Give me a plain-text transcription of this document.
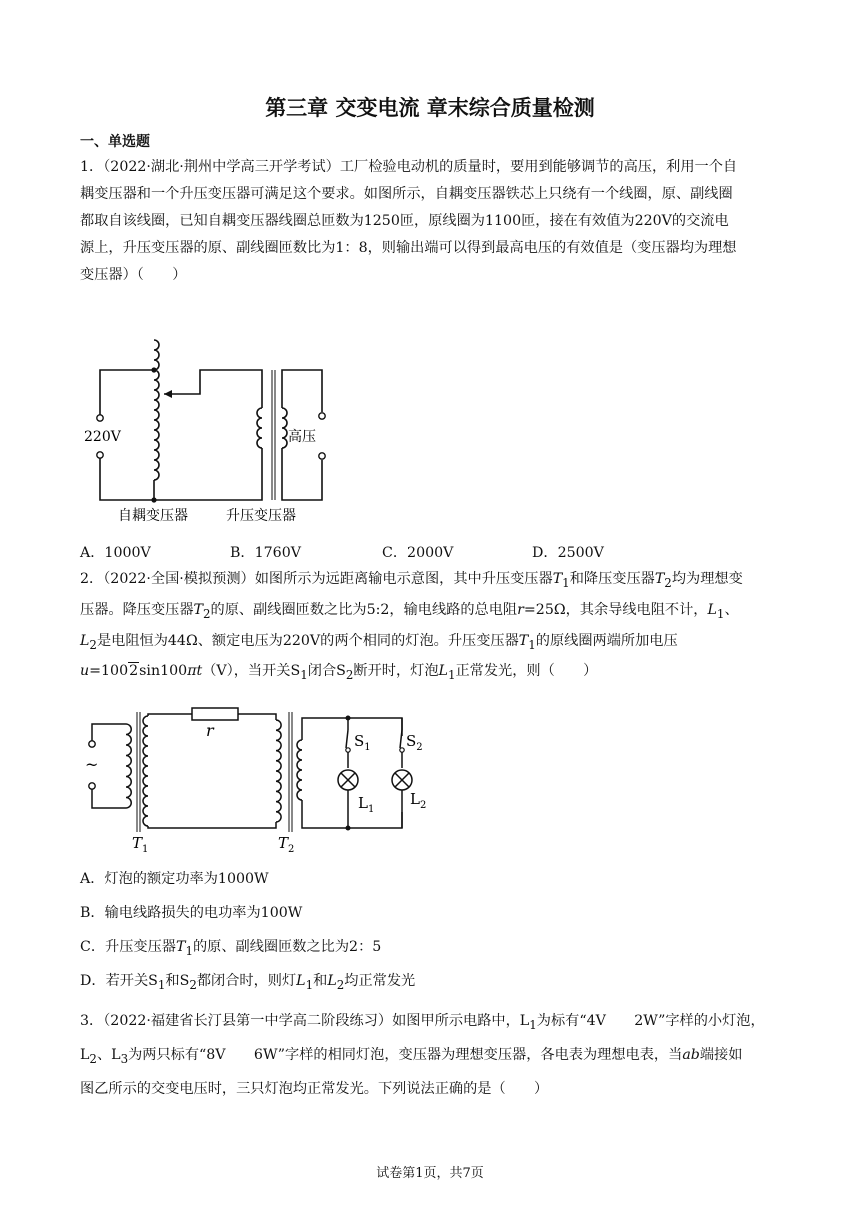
第三章 交变电流 章末综合质量检测
一、单选题
1．（2022·湖北·荆州中学高三开学考试）工厂检验电动机的质量时，要用到能够调节的高压，利用一个自
耦变压器和一个升压变压器可满足这个要求。如图所示，自耦变压器铁芯上只绕有一个线圈，原、副线圈
都取自该线圈，已知自耦变压器线圈总匝数为1250匝，原线圈为1100匝，接在有效值为220V的交流电
源上，升压变压器的原、副线圈匝数比为1：8，则输出端可以得到最高电压的有效值是（变压器均为理想
变压器）（　　）
220V	高压
自耦变压器	升压变压器
A．1000V	B．1760V	C．2000V	D．2500V
2．（2022·全国·模拟预测）如图所示为远距离输电示意图，其中升压变压器$T_1$和降压变压器$T_2$均为理想变
压器。降压变压器$T_2$的原、副线圈匝数之比为5:2，输电线路的总电阻r=25Ω，其余导线电阻不计，$L_1$、
$L_2$是电阻恒为44Ω、额定电压为220V的两个相同的灯泡。升压变压器$T_1$的原线圈两端所加电压
u=1002sin100πt（V），当开关$S_1$闭合$S_2$断开时，灯泡$L_1$正常发光，则（　　）
~
r
$S_1$ $S_2$
$L_1$
$L_2$
$T_1$	$T_2$
A．灯泡的额定功率为1000W
B．输电线路损失的电功率为100W
C．升压变压器$T_1$的原、副线圈匝数之比为2：5
D．若开关$S_1$和$S_2$都闭合时，则灯$L_1$和$L_2$均正常发光
3．（2022·福建省长汀县第一中学高二阶段练习）如图甲所示电路中，$L_1$为标有“4V　　2W”字样的小灯泡，
$L_2$、$L_3$为两只标有“8V　　6W”字样的相同灯泡，变压器为理想变压器，各电表为理想电表，当ab端接如
图乙所示的交变电压时，三只灯泡均正常发光。下列说法正确的是（　　）
试卷第1页，共7页
